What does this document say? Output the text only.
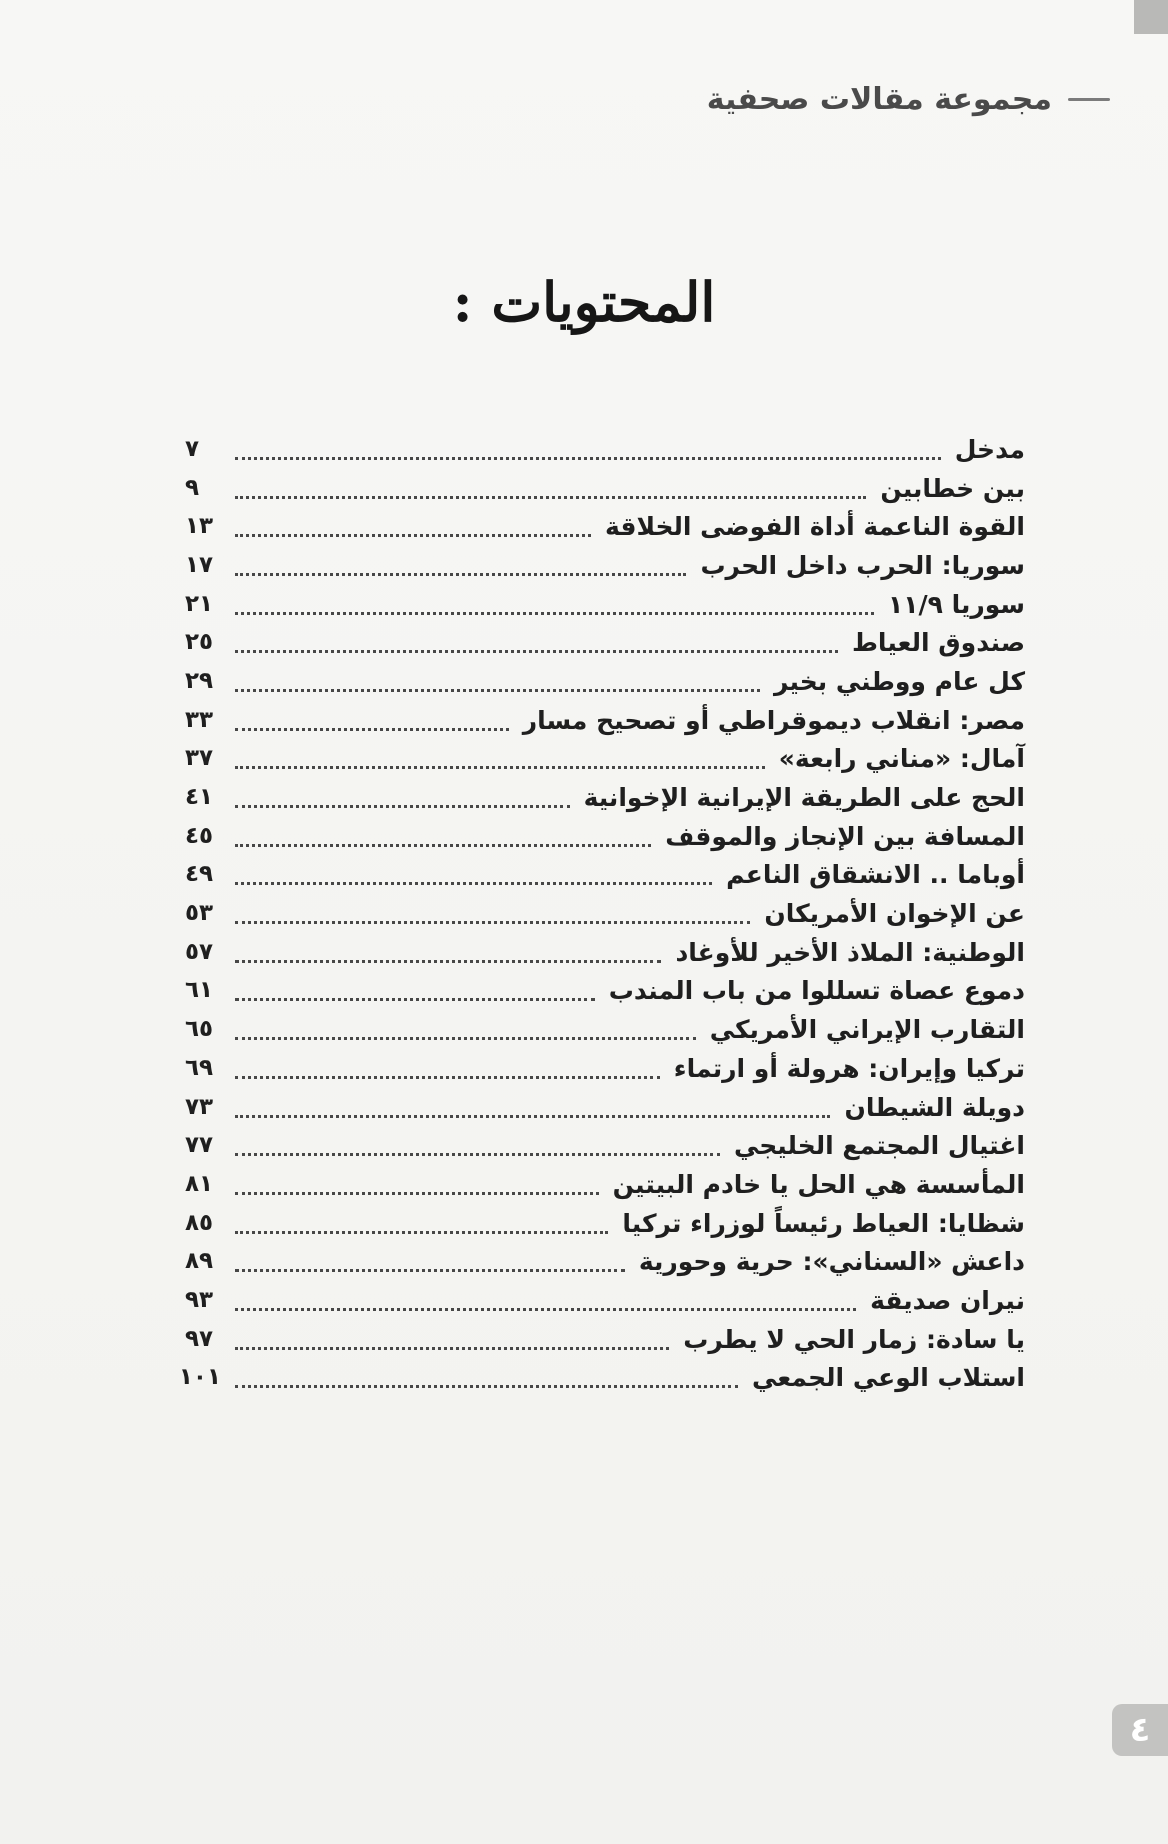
مجموعة مقالات صحفية
المحتويات :
مدخل
٧
بين خطابين
٩
القوة الناعمة أداة الفوضى الخلاقة
١٣
سوريا: الحرب داخل الحرب
١٧
سوريا ١١/٩
٢١
صندوق العياط
٢٥
كل عام ووطني بخير
٢٩
مصر: انقلاب ديموقراطي أو تصحيح مسار
٣٣
آمال: «مناني رابعة»
٣٧
الحج على الطريقة الإيرانية الإخوانية
٤١
المسافة بين الإنجاز والموقف
٤٥
أوباما .. الانشقاق الناعم
٤٩
عن الإخوان الأمريكان
٥٣
الوطنية: الملاذ الأخير للأوغاد
٥٧
دموع عصاة تسللوا من باب المندب
٦١
التقارب الإيراني الأمريكي
٦٥
تركيا وإيران: هرولة أو ارتماء
٦٩
دويلة الشيطان
٧٣
اغتيال المجتمع الخليجي
٧٧
المأسسة هي الحل يا خادم البيتين
٨١
شظايا: العياط رئيساً لوزراء تركيا
٨٥
داعش «السناني»: حرية وحورية
٨٩
نيران صديقة
٩٣
يا سادة: زمار الحي لا يطرب
٩٧
استلاب الوعي الجمعي
١٠١
٤
